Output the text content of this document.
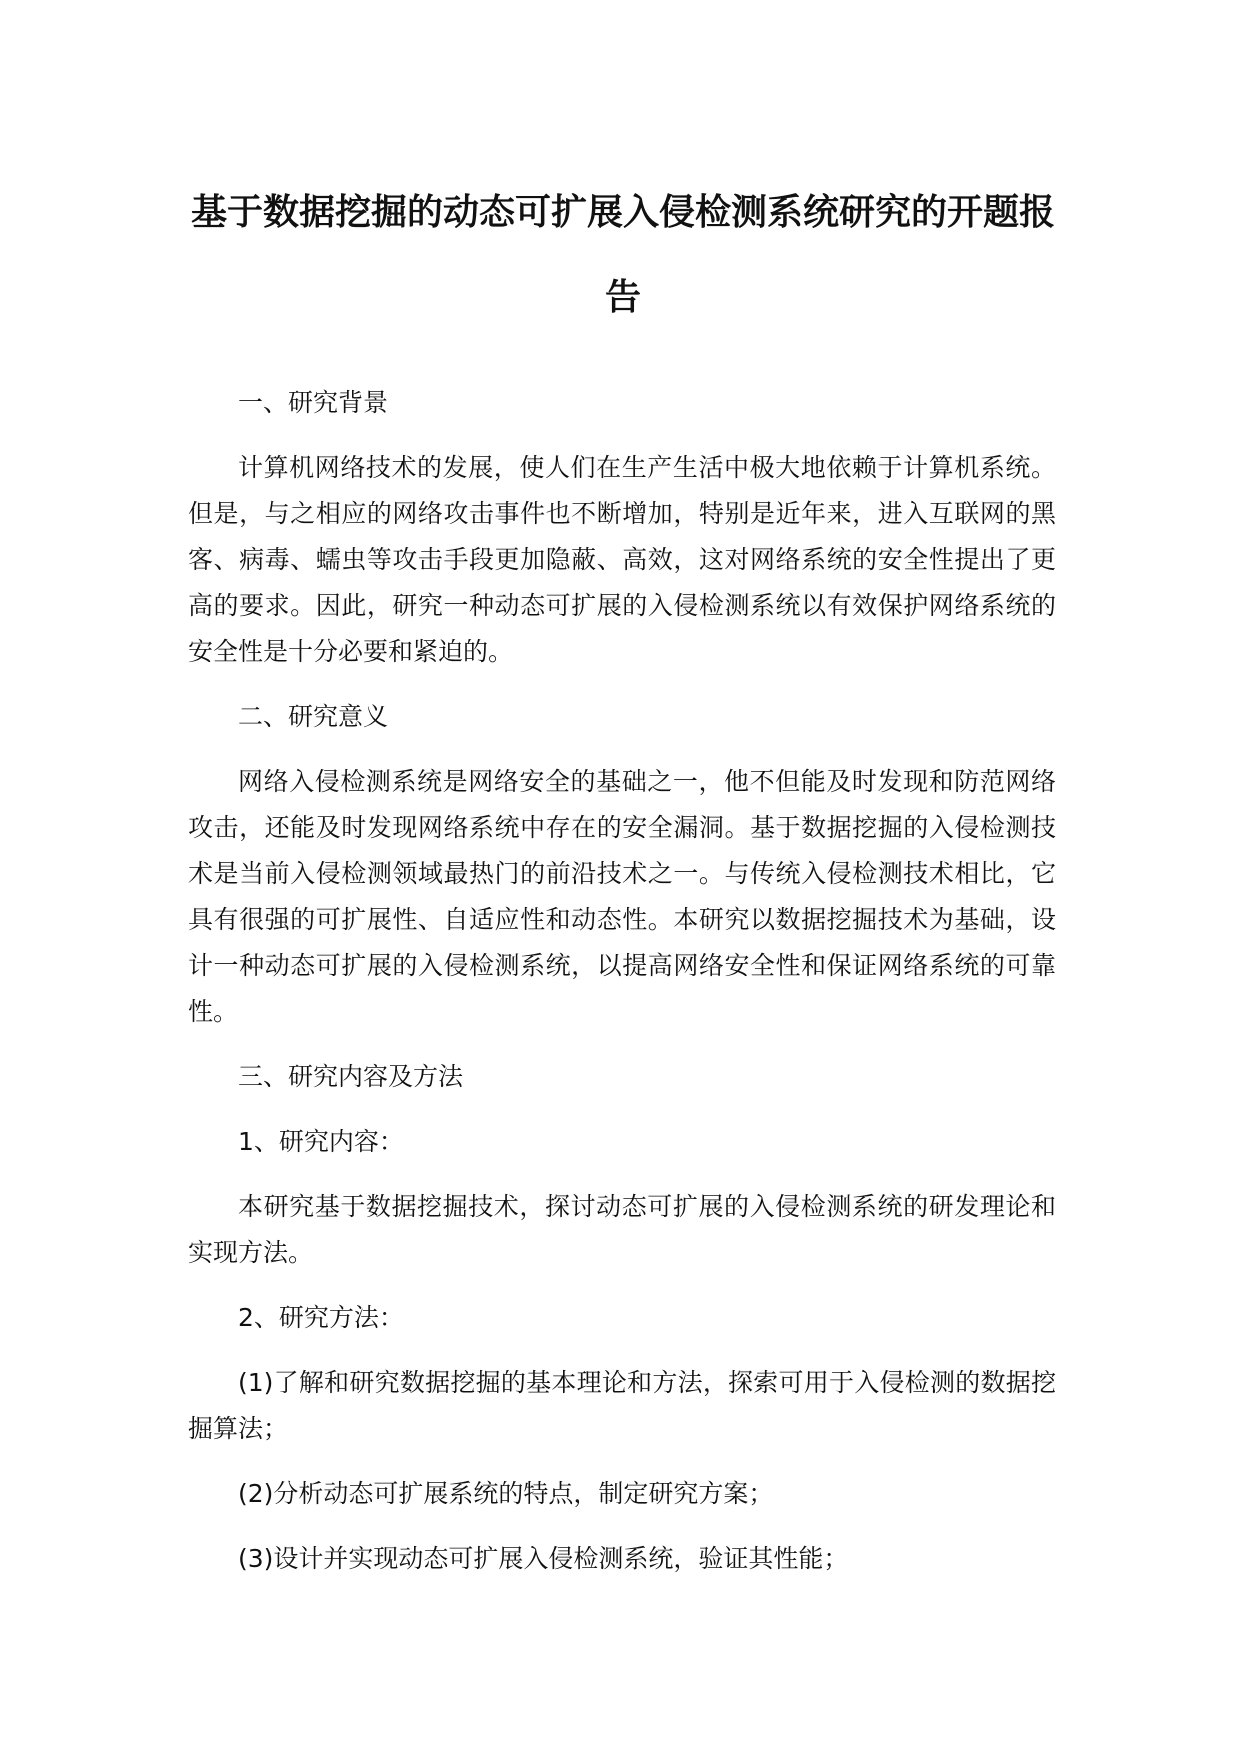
基于数据挖掘的动态可扩展入侵检测系统研究的开题报告

一、研究背景

计算机网络技术的发展，使人们在生产生活中极大地依赖于计算机系统。但是，与之相应的网络攻击事件也不断增加，特别是近年来，进入互联网的黑客、病毒、蠕虫等攻击手段更加隐蔽、高效，这对网络系统的安全性提出了更高的要求。因此，研究一种动态可扩展的入侵检测系统以有效保护网络系统的安全性是十分必要和紧迫的。

二、研究意义

网络入侵检测系统是网络安全的基础之一，他不但能及时发现和防范网络攻击，还能及时发现网络系统中存在的安全漏洞。基于数据挖掘的入侵检测技术是当前入侵检测领域最热门的前沿技术之一。与传统入侵检测技术相比，它具有很强的可扩展性、自适应性和动态性。本研究以数据挖掘技术为基础，设计一种动态可扩展的入侵检测系统，以提高网络安全性和保证网络系统的可靠性。

三、研究内容及方法

1、研究内容：

本研究基于数据挖掘技术，探讨动态可扩展的入侵检测系统的研发理论和实现方法。

2、研究方法：

(1)了解和研究数据挖掘的基本理论和方法，探索可用于入侵检测的数据挖掘算法；

(2)分析动态可扩展系统的特点，制定研究方案；

(3)设计并实现动态可扩展入侵检测系统，验证其性能；
